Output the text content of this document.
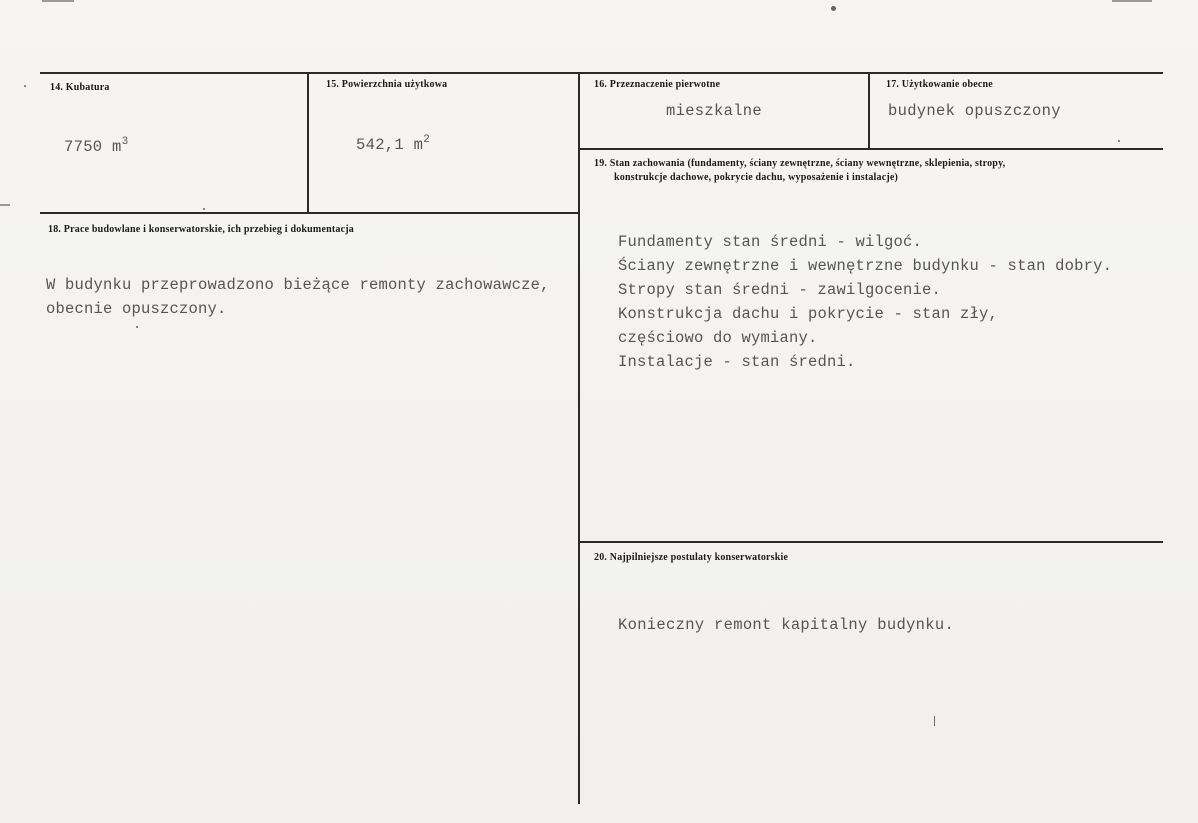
14. Kubatura
7750 $m^3$
15. Powierzchnia użytkowa
542,1 $m^2$
16. Przeznaczenie pierwotne
mieszkalne
17. Użytkowanie obecne
budynek opuszczony
18. Prace budowlane i konserwatorskie, ich przebieg i dokumentacja
W budynku przeprowadzono bieżące remonty zachowawcze,
obecnie opuszczony.
19. Stan zachowania (fundamenty, ściany zewnętrzne, ściany wewnętrzne, sklepienia, stropy,
konstrukcje dachowe, pokrycie dachu, wyposażenie i instalacje)
Fundamenty stan średni - wilgoć.
Ściany zewnętrzne i wewnętrzne budynku - stan dobry.
Stropy stan średni - zawilgocenie.
Konstrukcja dachu i pokrycie - stan zły,
częściowo do wymiany.
Instalacje - stan średni.
20. Najpilniejsze postulaty konserwatorskie
Konieczny remont kapitalny budynku.
